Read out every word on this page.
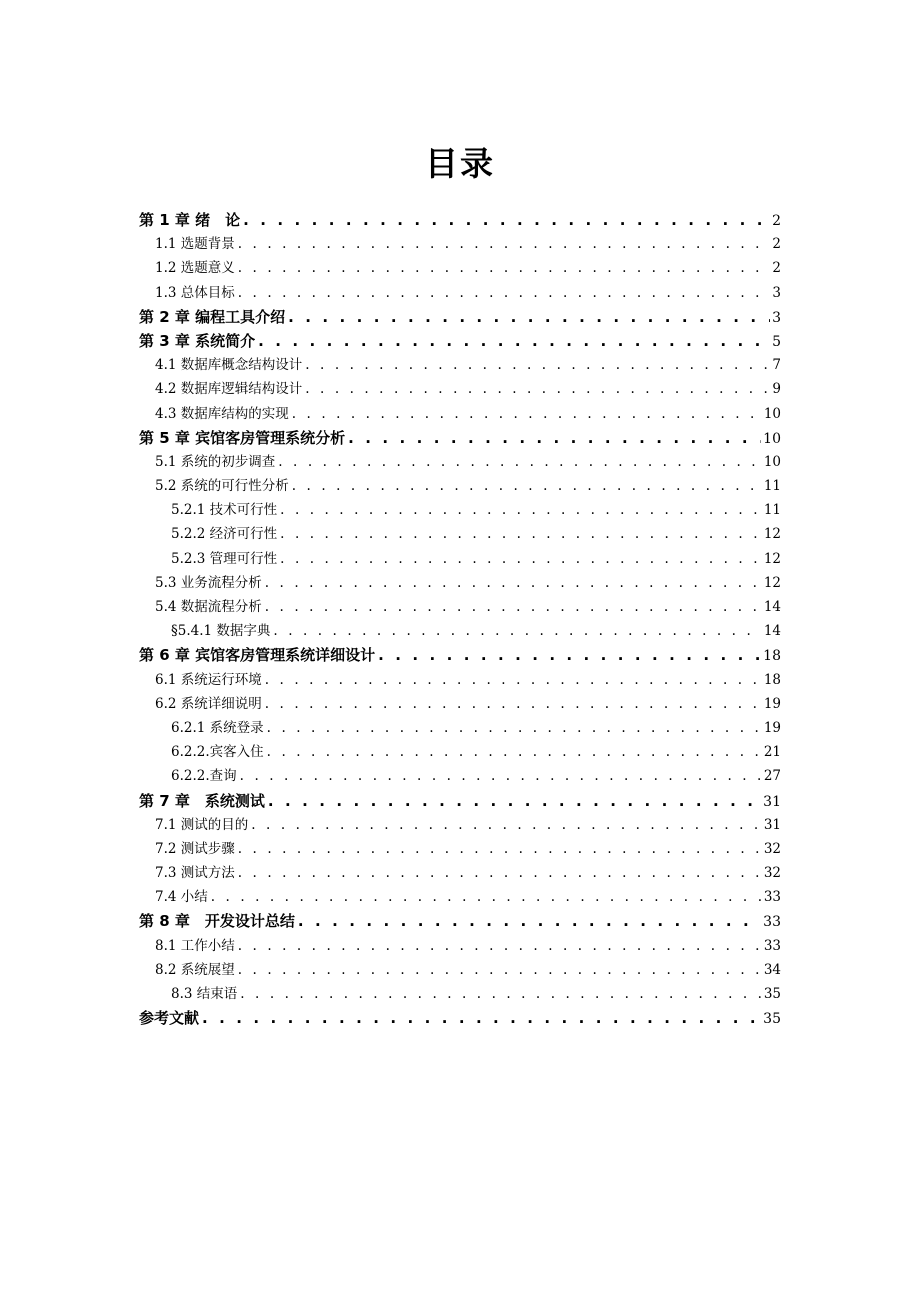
目录
第 1 章 绪　论 . . .	2
1.1 选题背景 . . .	2
1.2 选题意义 . . .	2
1.3 总体目标 . . .	3
第 2 章 编程工具介绍 . . .	3
第 3 章 系统简介 . . .	5
4.1 数据库概念结构设计 . . .	7
4.2 数据库逻辑结构设计 . . .	9
4.3 数据库结构的实现 . . .	10
第 5 章 宾馆客房管理系统分析 . . .	10
5.1 系统的初步调查 . . .	10
5.2 系统的可行性分析 . . .	11
5.2.1 技术可行性 . . .	11
5.2.2 经济可行性 . . .	12
5.2.3 管理可行性 . . .	12
5.3 业务流程分析 . . .	12
5.4 数据流程分析 . . .	14
§5.4.1 数据字典 . . .	14
第 6 章 宾馆客房管理系统详细设计 . . .	18
6.1 系统运行环境 . . .	18
6.2 系统详细说明 . . .	19
6.2.1 系统登录 . . .	19
6.2.2.宾客入住 . . .	21
6.2.2.查询 . . .	27
第 7 章　系统测试 . . .	31
7.1 测试的目的 . . .	31
7.2 测试步骤 . . .	32
7.3 测试方法 . . .	32
7.4 小结 . . .	33
第 8 章　开发设计总结 . . .	33
8.1 工作小结 . . .	33
8.2 系统展望 . . .	34
8.3 结束语 . . .	35
参考文献 . . .	35
